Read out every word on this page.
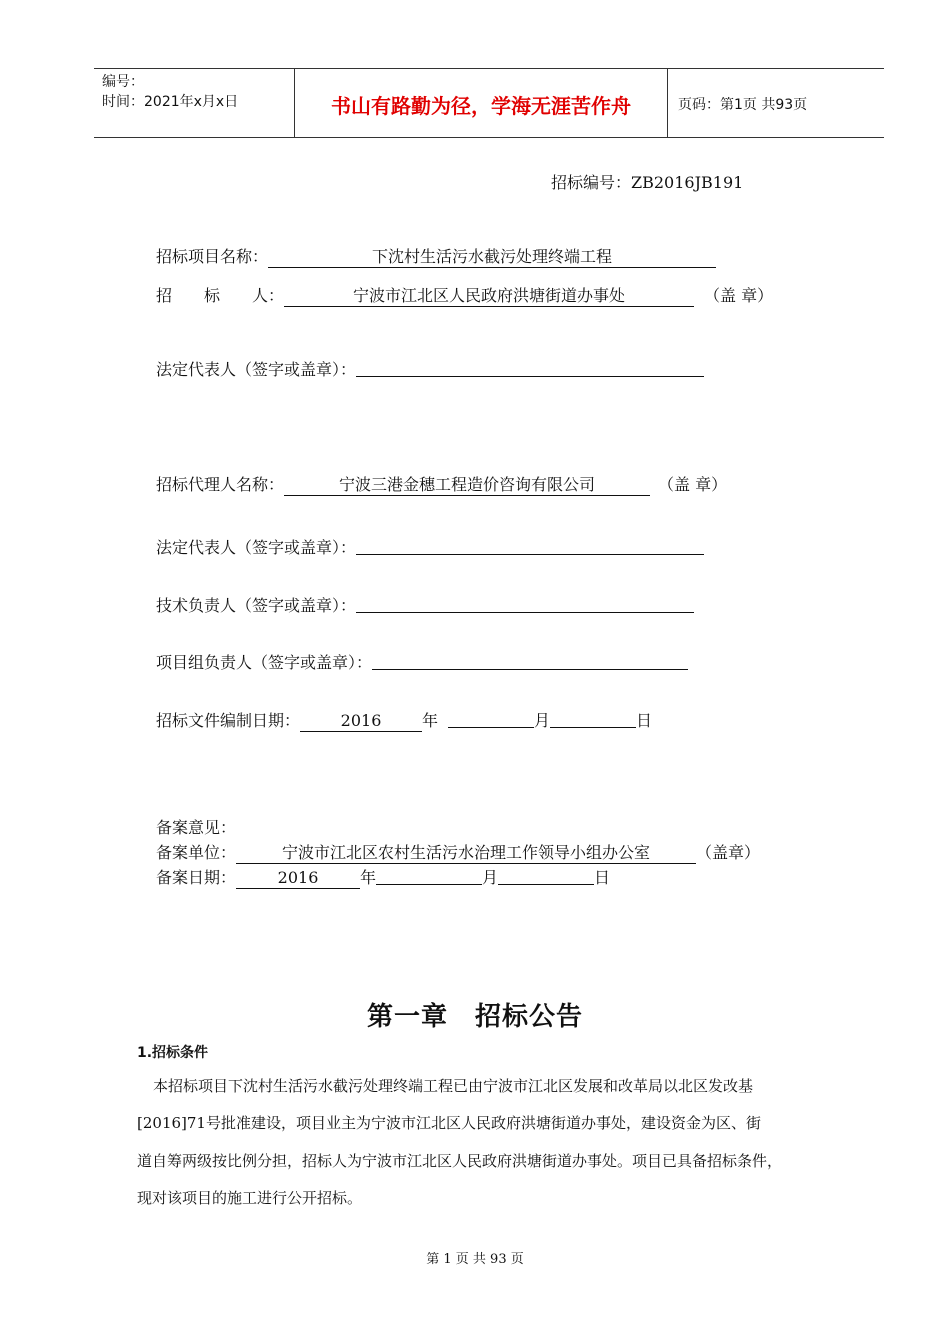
编号：
时间：2021年x月x日	书山有路勤为径，学海无涯苦作舟	页码：第1页 共93页
招标编号：ZB2016JB191
招标项目名称：	下沈村生活污水截污处理终端工程
招　　标　　人：	宁波市江北区人民政府洪塘街道办事处	（盖 章）
法定代表人（签字或盖章）：
招标代理人名称：	宁波三港金穗工程造价咨询有限公司	（盖 章）
法定代表人（签字或盖章）：
技术负责人（签字或盖章）：
项目组负责人（签字或盖章）：
招标文件编制日期：	2016	年	月	日
备案意见：
备案单位：	宁波市江北区农村生活污水治理工作领导小组办公室	（盖章）
备案日期：	2016	年	月	日
第一章　招标公告
1.招标条件
本招标项目下沈村生活污水截污处理终端工程已由宁波市江北区发展和改革局以北区发改基
[2016]71号批准建设，项目业主为宁波市江北区人民政府洪塘街道办事处，建设资金为区、街
道自筹两级按比例分担，招标人为宁波市江北区人民政府洪塘街道办事处。项目已具备招标条件，
现对该项目的施工进行公开招标。
第 1 页 共 93 页
